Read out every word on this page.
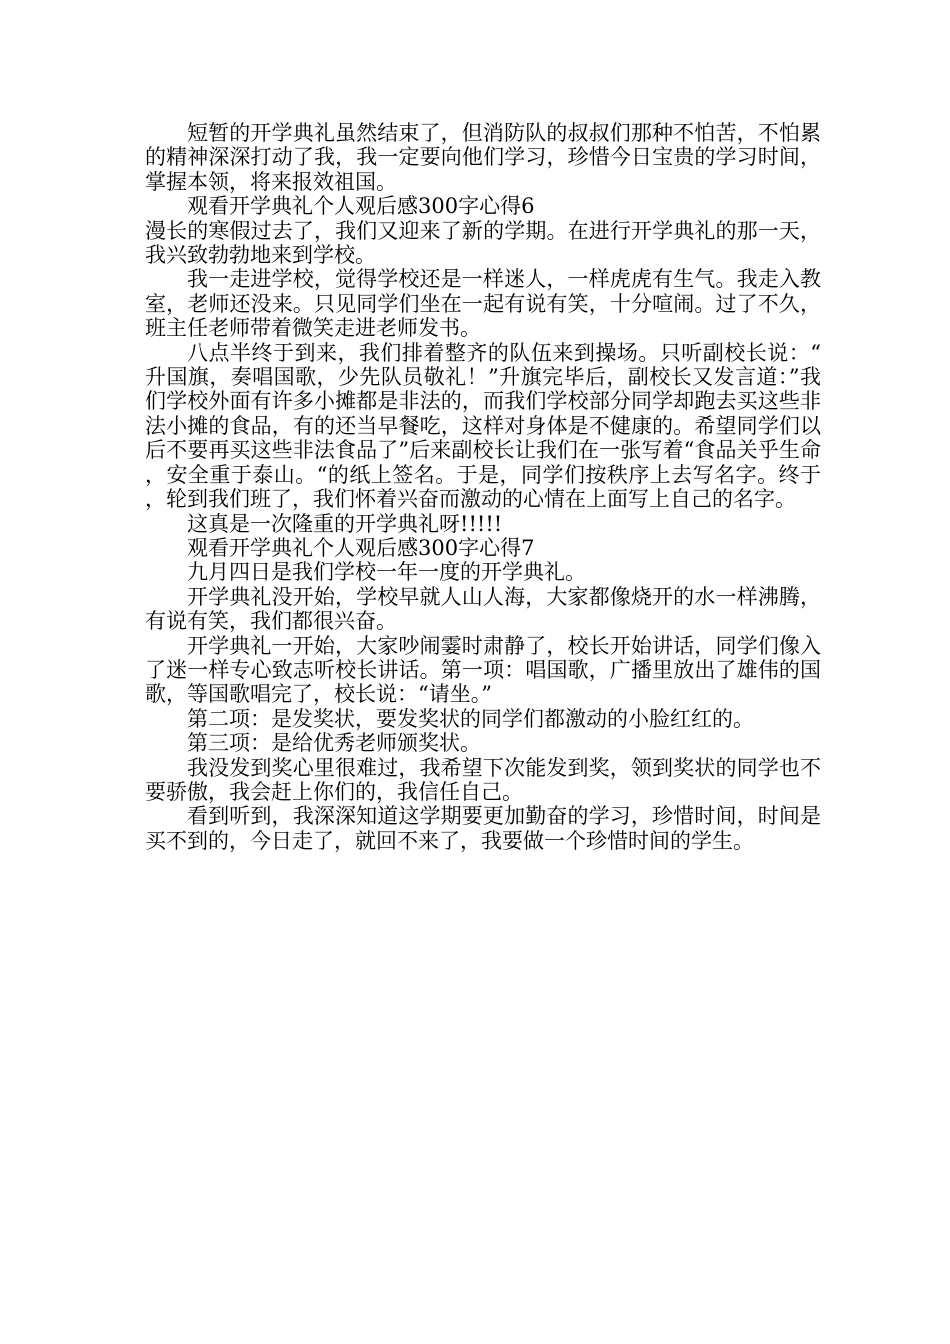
短暂的开学典礼虽然结束了，但消防队的叔叔们那种不怕苦，不怕累的精神深深打动了我，我一定要向他们学习，珍惜今日宝贵的学习时间，掌握本领，将来报效祖国。

观看开学典礼个人观后感300字心得6

漫长的寒假过去了，我们又迎来了新的学期。在进行开学典礼的那一天，我兴致勃勃地来到学校。

我一走进学校，觉得学校还是一样迷人，一样虎虎有生气。我走入教室，老师还没来。只见同学们坐在一起有说有笑，十分喧闹。过了不久，班主任老师带着微笑走进老师发书。

八点半终于到来，我们排着整齐的队伍来到操场。只听副校长说：“升国旗，奏唱国歌，少先队员敬礼！”升旗完毕后，副校长又发言道：”我们学校外面有许多小摊都是非法的，而我们学校部分同学却跑去买这些非法小摊的食品，有的还当早餐吃，这样对身体是不健康的。希望同学们以后不要再买这些非法食品了”后来副校长让我们在一张写着“食品关乎生命，安全重于泰山。“的纸上签名。于是，同学们按秩序上去写名字。终于，轮到我们班了，我们怀着兴奋而激动的心情在上面写上自己的名字。

这真是一次隆重的开学典礼呀!!!!!

观看开学典礼个人观后感300字心得7

九月四日是我们学校一年一度的开学典礼。

开学典礼没开始，学校早就人山人海，大家都像烧开的水一样沸腾，有说有笑，我们都很兴奋。

开学典礼一开始，大家吵闹霎时肃静了，校长开始讲话，同学们像入了迷一样专心致志听校长讲话。第一项：唱国歌，广播里放出了雄伟的国歌，等国歌唱完了，校长说：“请坐。”

第二项：是发奖状，要发奖状的同学们都激动的小脸红红的。

第三项：是给优秀老师颁奖状。

我没发到奖心里很难过，我希望下次能发到奖，领到奖状的同学也不要骄傲，我会赶上你们的，我信任自己。

看到听到，我深深知道这学期要更加勤奋的学习，珍惜时间，时间是买不到的，今日走了，就回不来了，我要做一个珍惜时间的学生。
